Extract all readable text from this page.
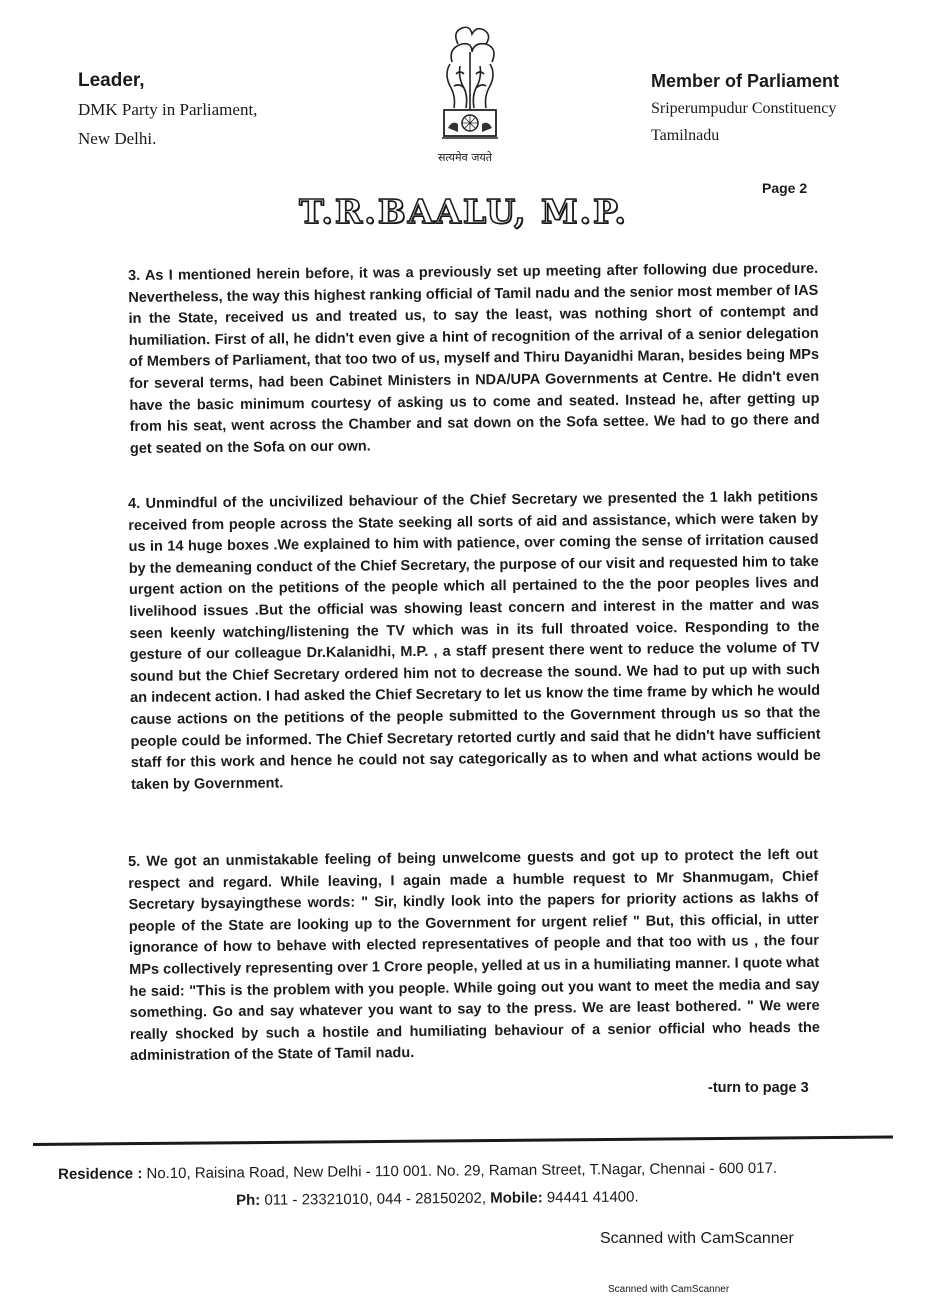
Leader,
DMK Party in Parliament,
New Delhi.
सत्यमेव जयते
Member of Parliament
Sriperumpudur Constituency
Tamilnadu
Page 2
T.R.BAALU, M.P.
3. As I mentioned herein before, it was a previously set up meeting after following due procedure. Nevertheless, the way this highest ranking official of Tamil nadu and the senior most member of IAS in the State, received us and treated us, to say the least, was nothing short of contempt and humiliation. First of all, he didn't even give a hint of recognition of the arrival of a senior delegation of Members of Parliament, that too two of us, myself and Thiru Dayanidhi Maran, besides being MPs for several terms, had been Cabinet Ministers in NDA/UPA Governments at Centre. He didn't even have the basic minimum courtesy of asking us to come and seated. Instead he, after getting up from his seat, went across the Chamber and sat down on the Sofa settee. We had to go there and get seated on the Sofa on our own.
4. Unmindful of the uncivilized behaviour of the Chief Secretary we presented the 1 lakh petitions received from people across the State seeking all sorts of aid and assistance, which were taken by us in 14 huge boxes .We explained to him with patience, over coming the sense of irritation caused by the demeaning conduct of the Chief Secretary, the purpose of our visit and requested him to take urgent action on the petitions of the people which all pertained to the the poor peoples lives and livelihood issues .But the official was showing least concern and interest in the matter and was seen keenly watching/listening the TV which was in its full throated voice. Responding to the gesture of our colleague Dr.Kalanidhi, M.P. , a staff present there went to reduce the volume of TV sound but the Chief Secretary ordered him not to decrease the sound. We had to put up with such an indecent action. I had asked the Chief Secretary to let us know the time frame by which he would cause actions on the petitions of the people submitted to the Government through us so that the people could be informed. The Chief Secretary retorted curtly and said that he didn't have sufficient staff for this work and hence he could not say categorically as to when and what actions would be taken by Government.
5. We got an unmistakable feeling of being unwelcome guests and got up to protect the left out respect and regard. While leaving, I again made a humble request to Mr Shanmugam, Chief Secretary bysayingthese words: " Sir, kindly look into the papers for priority actions as lakhs of people of the State are looking up to the Government for urgent relief " But, this official, in utter ignorance of how to behave with elected representatives of people and that too with us , the four MPs collectively representing over 1 Crore people, yelled at us in a humiliating manner. I quote what he said: "This is the problem with you people. While going out you want to meet the media and say something. Go and say whatever you want to say to the press. We are least bothered. " We were really shocked by such a hostile and humiliating behaviour of a senior official who heads the administration of the State of Tamil nadu.
-turn to page 3
Residence : No.10, Raisina Road, New Delhi - 110 001. No. 29, Raman Street, T.Nagar, Chennai - 600 017.
Ph: 011 - 23321010, 044 - 28150202, Mobile: 94441 41400.
Scanned with CamScanner
Scanned with CamScanner
